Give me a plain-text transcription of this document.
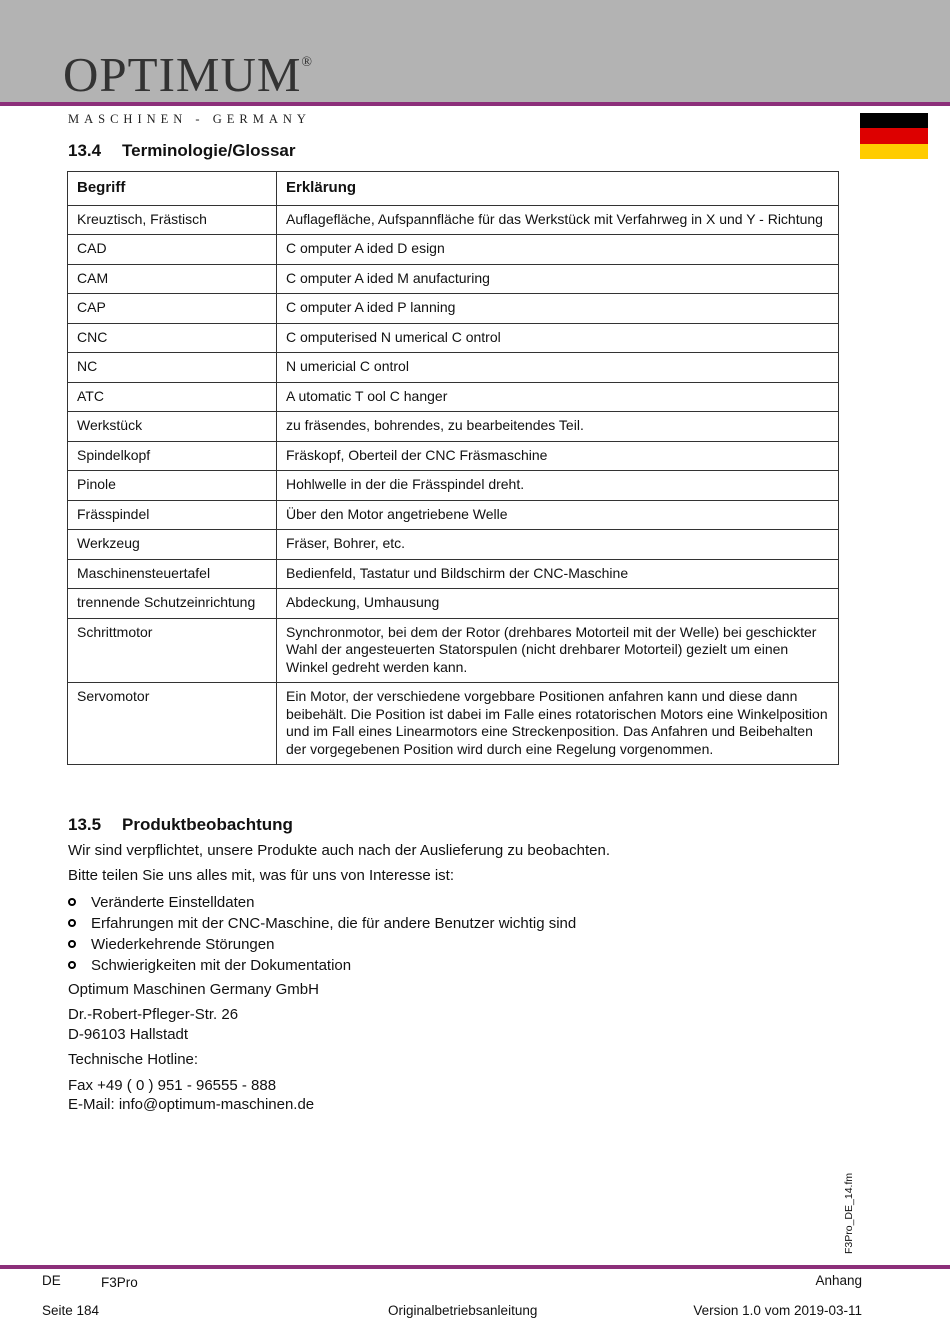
OPTIMUM®
MASCHINEN - GERMANY
13.4 Terminologie/Glossar
Begriff	Erklärung
Kreuztisch, Frästisch	Auflagefläche, Aufspannfläche für das Werkstück mit Verfahrweg in X und Y - Richtung
CAD	C omputer A ided D esign
CAM	C omputer A ided M anufacturing
CAP	C omputer A ided P lanning
CNC	C omputerised N umerical C ontrol
NC	N umericial C ontrol
ATC	A utomatic T ool C hanger
Werkstück	zu fräsendes, bohrendes, zu bearbeitendes Teil.
Spindelkopf	Fräskopf, Oberteil der CNC Fräsmaschine
Pinole	Hohlwelle in der die Frässpindel dreht.
Frässpindel	Über den Motor angetriebene Welle
Werkzeug	Fräser, Bohrer, etc.
Maschinensteuertafel	Bedienfeld, Tastatur und Bildschirm der CNC-Maschine
trennende Schutzeinrichtung	Abdeckung, Umhausung
Schrittmotor	Synchronmotor, bei dem der Rotor (drehbares Motorteil mit der Welle) bei geschickter Wahl der angesteuerten Statorspulen (nicht drehbarer Motorteil) gezielt um einen Winkel gedreht werden kann.
Servomotor	Ein Motor, der verschiedene vorgebbare Positionen anfahren kann und diese dann beibehält. Die Position ist dabei im Falle eines rotatorischen Motors eine Winkelposition und im Fall eines Linearmotors eine Streckenposition. Das Anfahren und Beibehalten der vorgegebenen Position wird durch eine Regelung vorgenommen.
13.5 Produktbeobachtung
Wir sind verpflichtet, unsere Produkte auch nach der Auslieferung zu beobachten.
Bitte teilen Sie uns alles mit, was für uns von Interesse ist:
Veränderte Einstelldaten
Erfahrungen mit der CNC-Maschine, die für andere Benutzer wichtig sind
Wiederkehrende Störungen
Schwierigkeiten mit der Dokumentation
Optimum Maschinen Germany GmbH
Dr.-Robert-Pfleger-Str. 26
D-96103 Hallstadt
Technische Hotline:
Fax +49 ( 0 ) 951 - 96555 - 888
E-Mail: info@optimum-maschinen.de
F3Pro_DE_14.fm
DE	F3Pro	Anhang
Seite 184	Originalbetriebsanleitung	Version 1.0 vom 2019-03-11
